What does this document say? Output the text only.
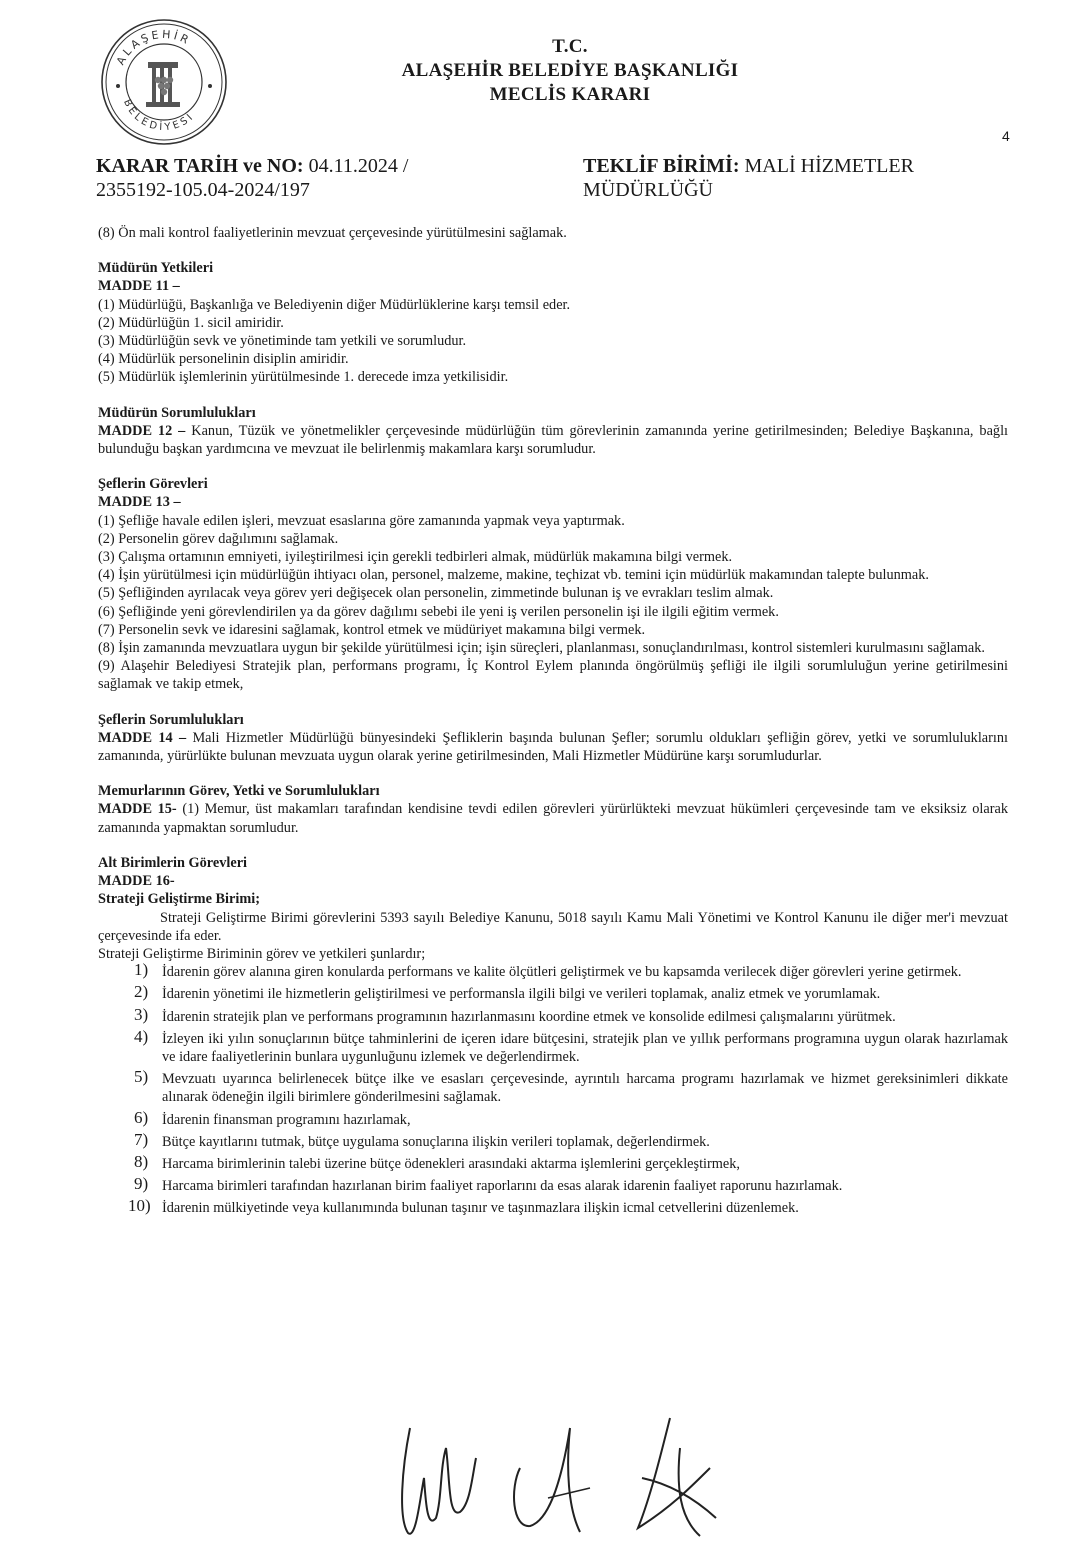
ALAŞEHİR
BELEDİYESİ
T.C.
ALAŞEHİR BELEDİYE BAŞKANLIĞI
MECLİS KARARI
4
KARAR TARİH ve NO: 04.11.2024 /
2355192-105.04-2024/197
TEKLİF BİRİMİ: MALİ HİZMETLER
MÜDÜRLÜĞÜ

(8) Ön mali kontrol faaliyetlerinin mevzuat çerçevesinde yürütülmesini sağlamak.

Müdürün Yetkileri

MADDE 11 –

(1) Müdürlüğü, Başkanlığa ve Belediyenin diğer Müdürlüklerine karşı temsil eder.

(2) Müdürlüğün 1. sicil amiridir.

(3) Müdürlüğün sevk ve yönetiminde tam yetkili ve sorumludur.

(4) Müdürlük personelinin disiplin amiridir.

(5) Müdürlük işlemlerinin yürütülmesinde 1. derecede imza yetkilisidir.

Müdürün Sorumlulukları

MADDE 12 – Kanun, Tüzük ve yönetmelikler çerçevesinde müdürlüğün tüm görevlerinin zamanında yerine getirilmesinden; Belediye Başkanına, bağlı bulunduğu başkan yardımcına ve mevzuat ile belirlenmiş makamlara karşı sorumludur.

Şeflerin Görevleri

MADDE 13 –

(1) Şefliğe havale edilen işleri, mevzuat esaslarına göre zamanında yapmak veya yaptırmak.

(2) Personelin görev dağılımını sağlamak.

(3) Çalışma ortamının emniyeti, iyileştirilmesi için gerekli tedbirleri almak, müdürlük makamına bilgi vermek.

(4) İşin yürütülmesi için müdürlüğün ihtiyacı olan, personel, malzeme, makine, teçhizat vb. temini için müdürlük makamından talepte bulunmak.

(5) Şefliğinden ayrılacak veya görev yeri değişecek olan personelin, zimmetinde bulunan iş ve evrakları teslim almak.

(6) Şefliğinde yeni görevlendirilen ya da görev dağılımı sebebi ile yeni iş verilen personelin işi ile ilgili eğitim vermek.

(7) Personelin sevk ve idaresini sağlamak, kontrol etmek ve müdüriyet makamına bilgi vermek.

(8) İşin zamanında mevzuatlara uygun bir şekilde yürütülmesi için; işin süreçleri, planlanması, sonuçlandırılması, kontrol sistemleri kurulmasını sağlamak.

(9) Alaşehir Belediyesi Stratejik plan, performans programı, İç Kontrol Eylem planında öngörülmüş şefliği ile ilgili sorumluluğun yerine getirilmesini sağlamak ve takip etmek,

Şeflerin Sorumlulukları

MADDE 14 – Mali Hizmetler Müdürlüğü bünyesindeki Şefliklerin başında bulunan Şefler; sorumlu oldukları şefliğin görev, yetki ve sorumluluklarını zamanında, yürürlükte bulunan mevzuata uygun olarak yerine getirilmesinden, Mali Hizmetler Müdürüne karşı sorumludurlar.

Memurlarının Görev, Yetki ve Sorumlulukları

MADDE 15- (1) Memur, üst makamları tarafından kendisine tevdi edilen görevleri yürürlükteki mevzuat hükümleri çerçevesinde tam ve eksiksiz olarak zamanında yapmaktan sorumludur.

Alt Birimlerin Görevleri

MADDE 16-

Strateji Geliştirme Birimi;

Strateji Geliştirme Birimi görevlerini 5393 sayılı Belediye Kanunu, 5018 sayılı Kamu Mali Yönetimi ve Kontrol Kanunu ile diğer mer'i mevzuat çerçevesinde ifa eder.

Strateji Geliştirme Biriminin görev ve yetkileri şunlardır;

1) İdarenin görev alanına giren konularda performans ve kalite ölçütleri geliştirmek ve bu kapsamda verilecek diğer görevleri yerine getirmek.
2) İdarenin yönetimi ile hizmetlerin geliştirilmesi ve performansla ilgili bilgi ve verileri toplamak, analiz etmek ve yorumlamak.
3) İdarenin stratejik plan ve performans programının hazırlanmasını koordine etmek ve konsolide edilmesi çalışmalarını yürütmek.
4) İzleyen iki yılın sonuçlarının bütçe tahminlerini de içeren idare bütçesini, stratejik plan ve yıllık performans programına uygun olarak hazırlamak ve idare faaliyetlerinin bunlara uygunluğunu izlemek ve değerlendirmek.
5) Mevzuatı uyarınca belirlenecek bütçe ilke ve esasları çerçevesinde, ayrıntılı harcama programı hazırlamak ve hizmet gereksinimleri dikkate alınarak ödeneğin ilgili birimlere gönderilmesini sağlamak.
6) İdarenin finansman programını hazırlamak,
7) Bütçe kayıtlarını tutmak, bütçe uygulama sonuçlarına ilişkin verileri toplamak, değerlendirmek.
8) Harcama birimlerinin talebi üzerine bütçe ödenekleri arasındaki aktarma işlemlerini gerçekleştirmek,
9) Harcama birimleri tarafından hazırlanan birim faaliyet raporlarını da esas alarak idarenin faaliyet raporunu hazırlamak.
10) İdarenin mülkiyetinde veya kullanımında bulunan taşınır ve taşınmazlara ilişkin icmal cetvellerini düzenlemek.
